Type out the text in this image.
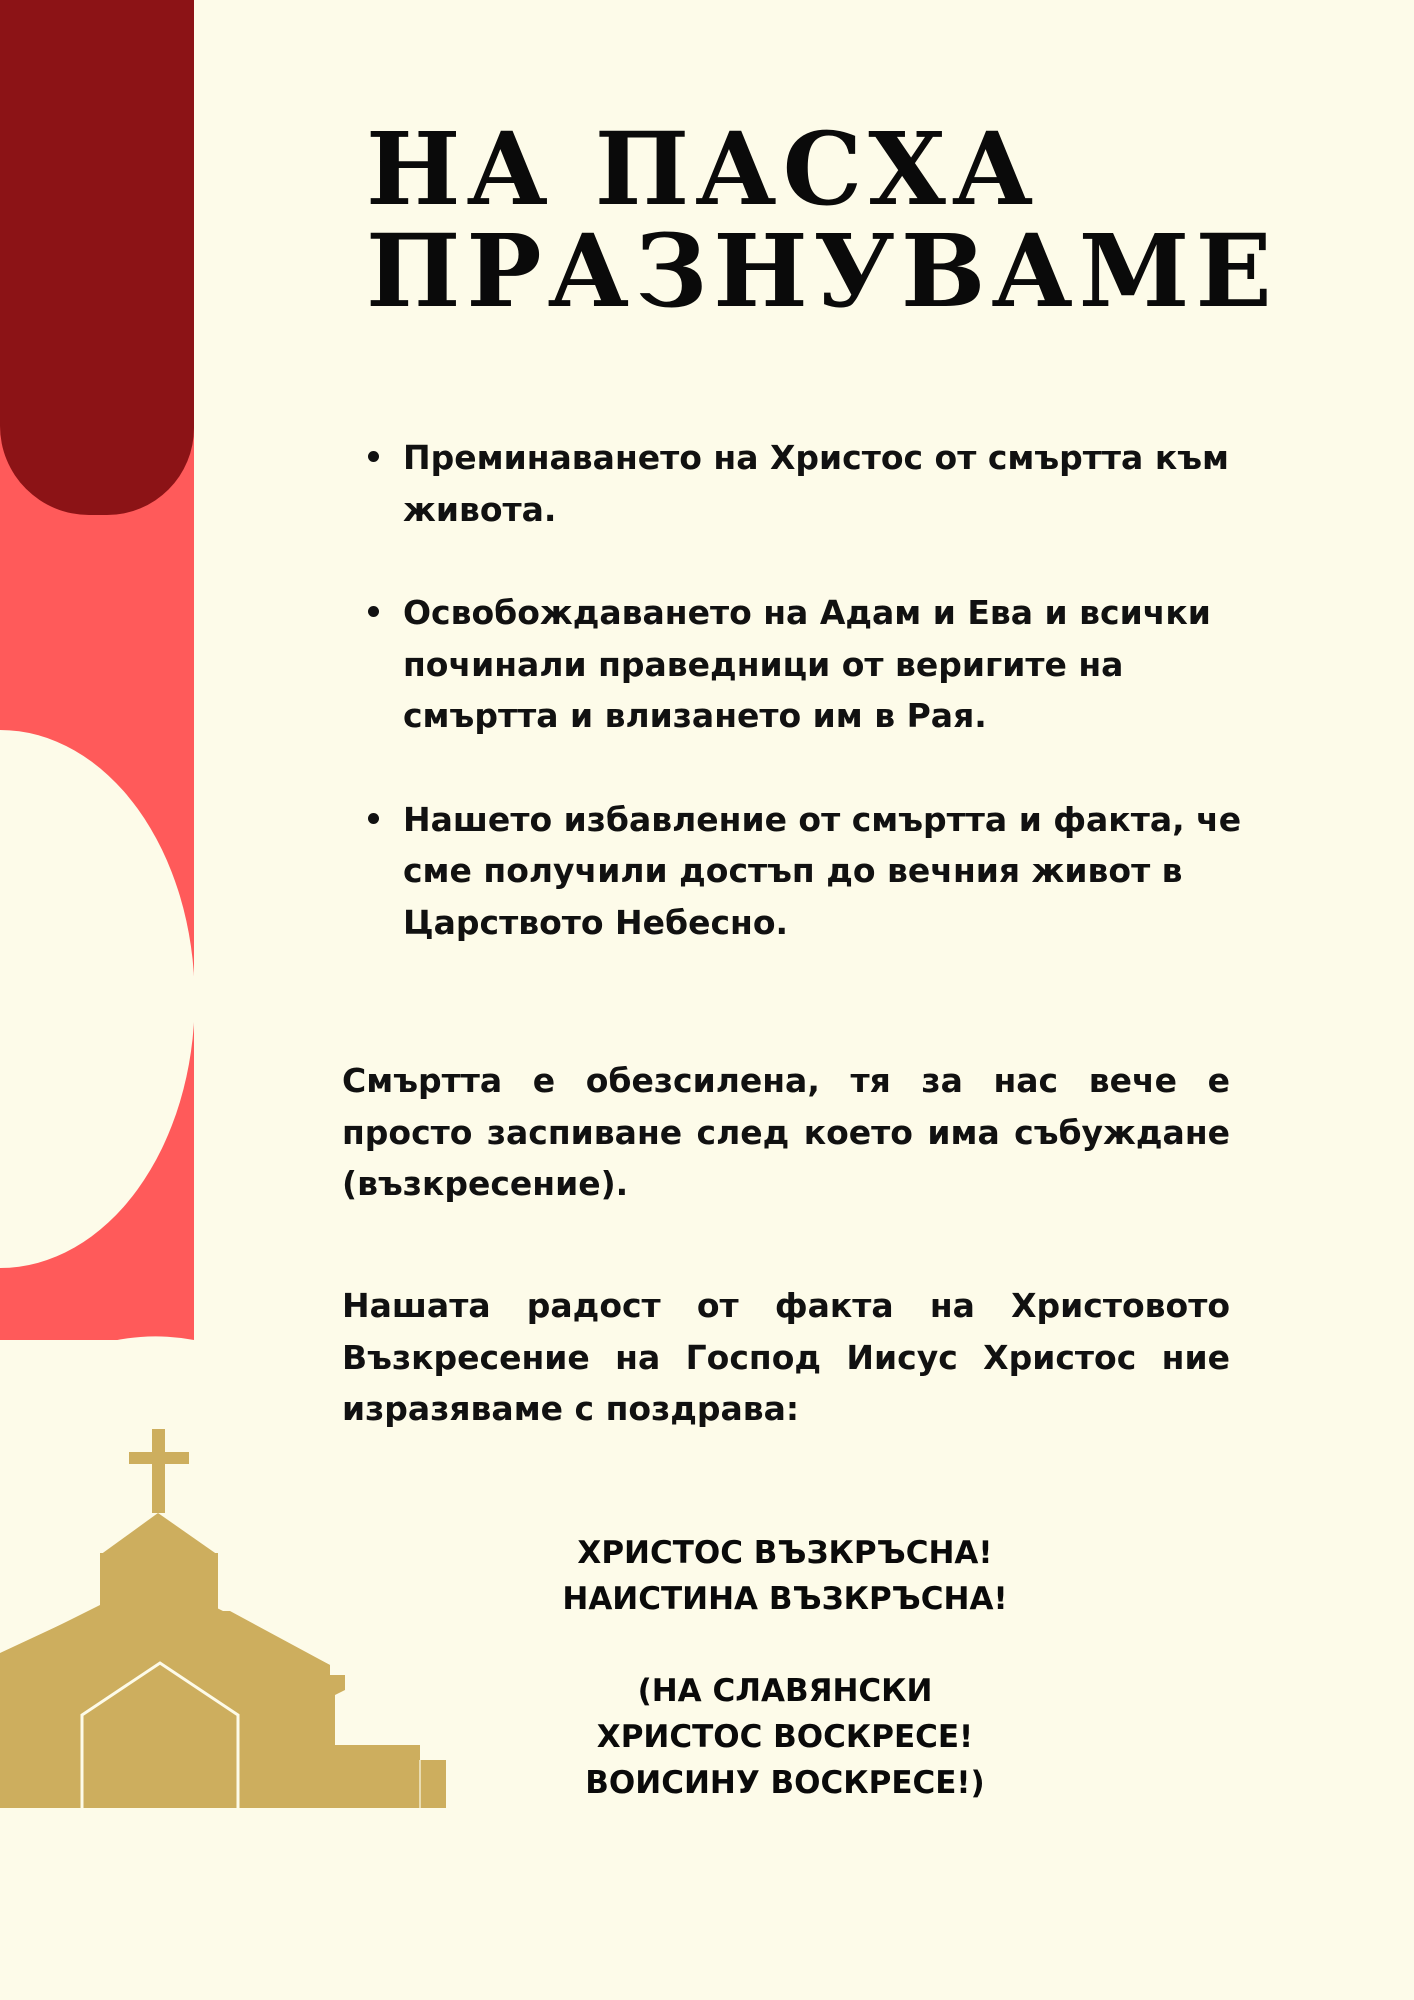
НА ПАСХА
ПРАЗНУВАМЕ
Преминаването на Христос от смъртта към живота.
Освобождаването на Адам и Ева и всички починали праведници от веригите на смъртта и влизането им в Рая.
Нашето избавление от смъртта и факта, че сме получили достъп до вечния живот в Царството Небесно.

Смъртта е обезсилена, тя за нас вече е просто заспиване след което има събуждане (възкресение).

Нашата радост от факта на Христовото Възкресение на Господ Иисус Христос ние изразяваме с поздрава:

ХРИСТОС ВЪЗКРЪСНА!
НАИСТИНА ВЪЗКРЪСНА!
(НА СЛАВЯНСКИ
ХРИСТОС ВОСКРЕСЕ!
ВОИСИНУ ВОСКРЕСЕ!)
